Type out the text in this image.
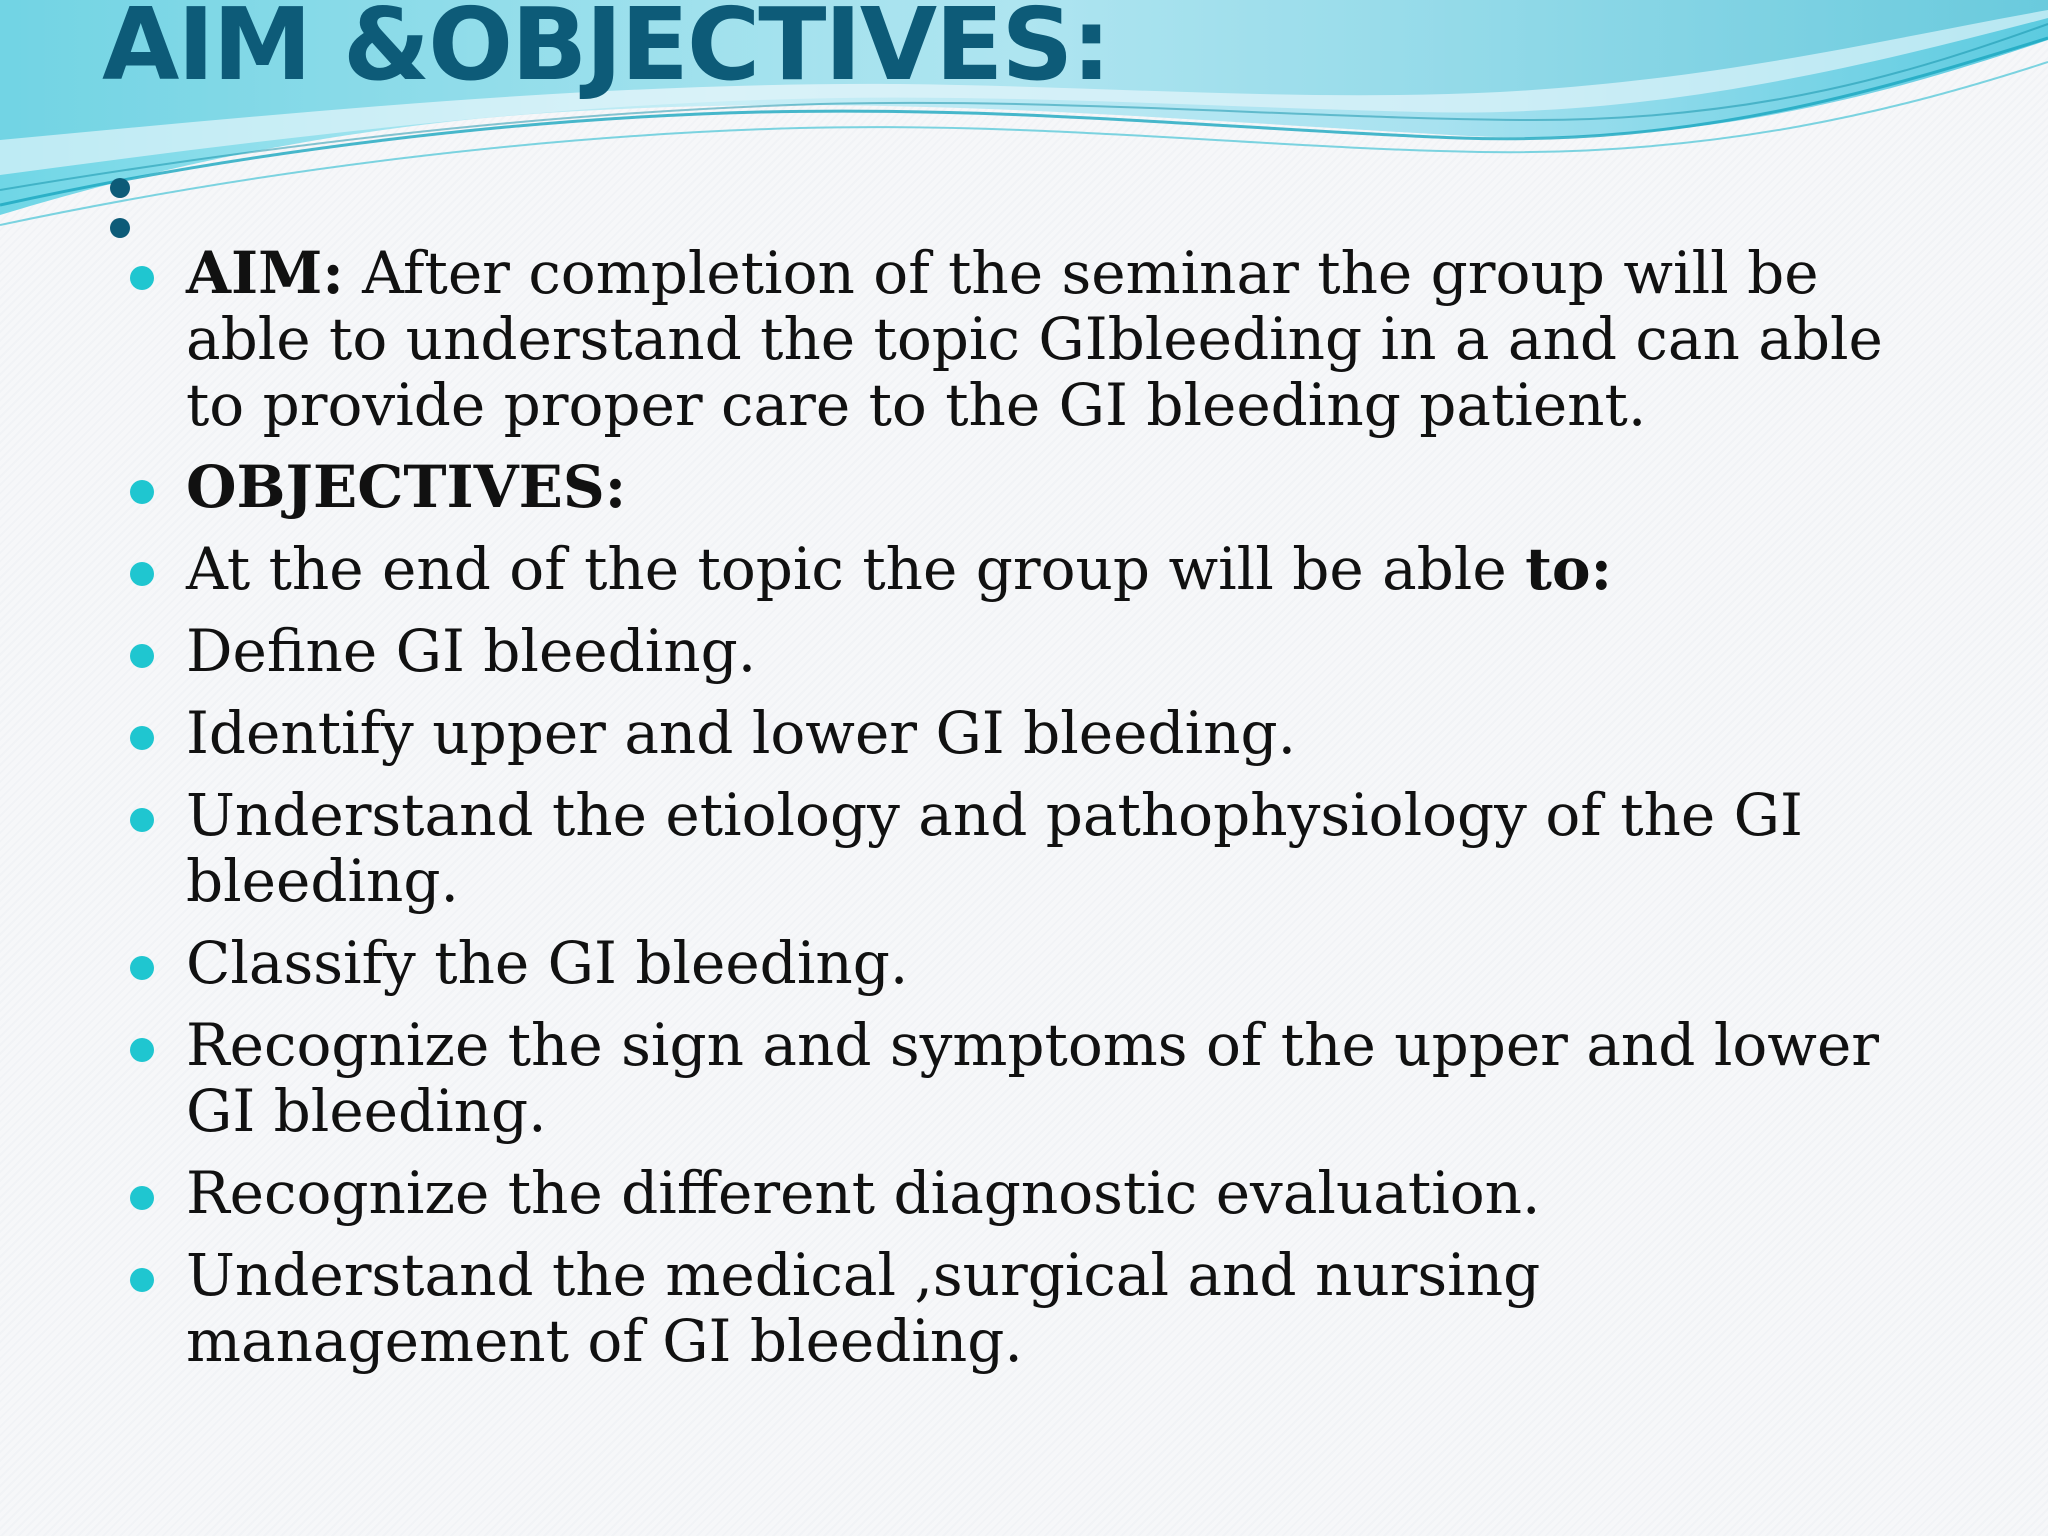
AIM &OBJECTIVES:
AIM: After completion of the seminar the group will be able to understand the topic GIbleeding in a and can able to provide proper care to the GI bleeding patient.
OBJECTIVES:
At the end of the topic the group will be able to:
Define GI bleeding.
Identify upper and lower GI bleeding.
Understand the etiology and pathophysiology of the GI bleeding.
Classify the GI bleeding.
Recognize the sign and symptoms of the upper and lower GI bleeding.
Recognize the different diagnostic evaluation.
Understand the medical ,surgical and nursing management of GI bleeding.
